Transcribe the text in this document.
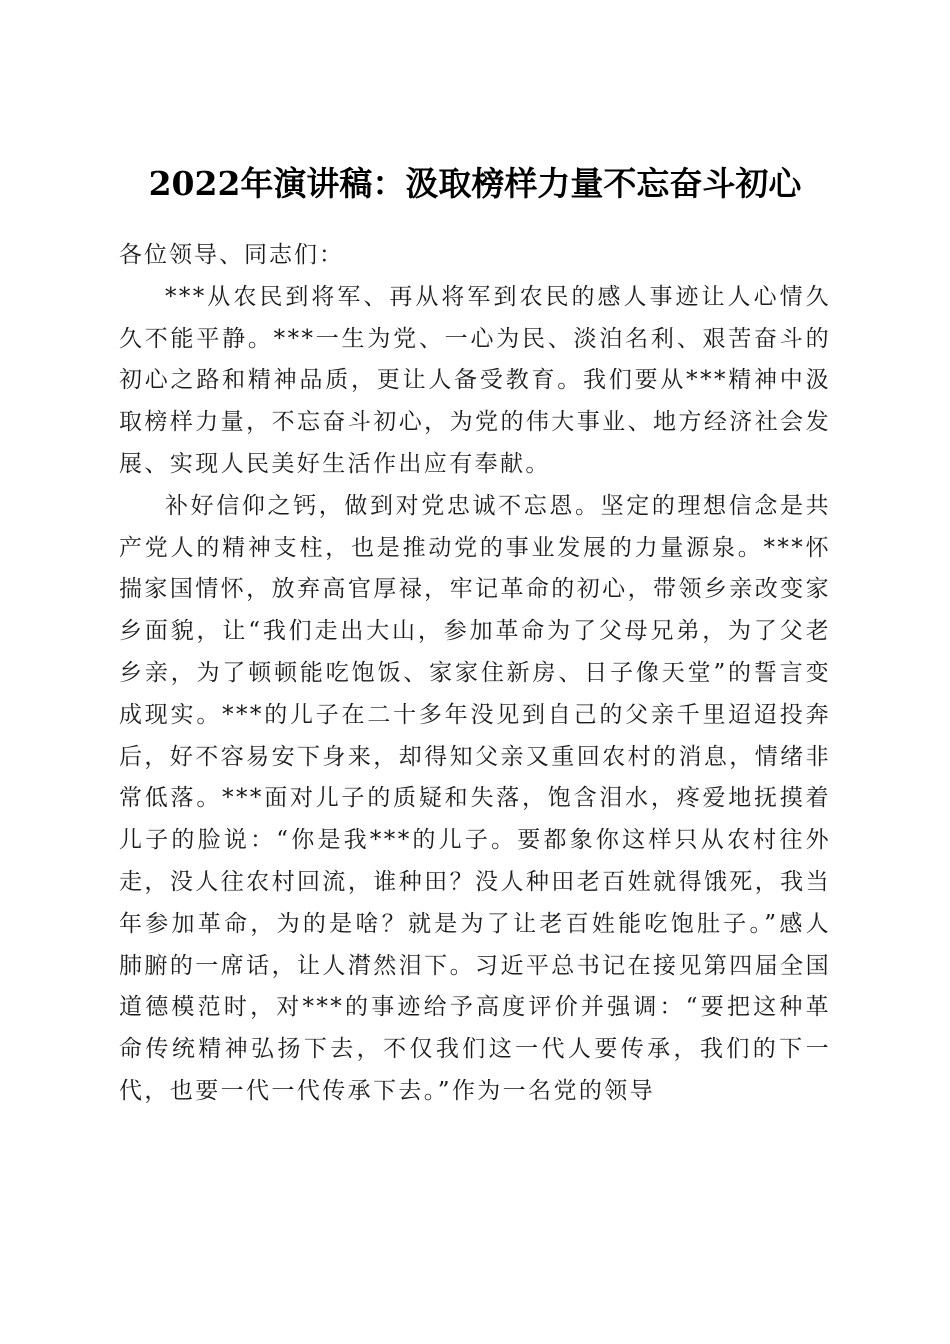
2022年演讲稿：汲取榜样力量不忘奋斗初心

各位领导、同志们：

***从农民到将军、再从将军到农民的感人事迹让人心情久久不能平静。***一生为党、一心为民、淡泊名利、艰苦奋斗的初心之路和精神品质，更让人备受教育。我们要从***精神中汲取榜样力量，不忘奋斗初心，为党的伟大事业、地方经济社会发展、实现人民美好生活作出应有奉献。

补好信仰之钙，做到对党忠诚不忘恩。坚定的理想信念是共产党人的精神支柱，也是推动党的事业发展的力量源泉。***怀揣家国情怀，放弃高官厚禄，牢记革命的初心，带领乡亲改变家乡面貌，让“我们走出大山，参加革命为了父母兄弟，为了父老乡亲，为了顿顿能吃饱饭、家家住新房、日子像天堂”的誓言变成现实。***的儿子在二十多年没见到自己的父亲千里迢迢投奔后，好不容易安下身来，却得知父亲又重回农村的消息，情绪非常低落。***面对儿子的质疑和失落，饱含泪水，疼爱地抚摸着儿子的脸说：“你是我***的儿子。要都象你这样只从农村往外走，没人往农村回流，谁种田？没人种田老百姓就得饿死，我当年参加革命，为的是啥？就是为了让老百姓能吃饱肚子。”感人肺腑的一席话，让人潸然泪下。习近平总书记在接见第四届全国道德模范时，对***的事迹给予高度评价并强调：“要把这种革命传统精神弘扬下去，不仅我们这一代人要传承，我们的下一代，也要一代一代传承下去。”作为一名党的领导
